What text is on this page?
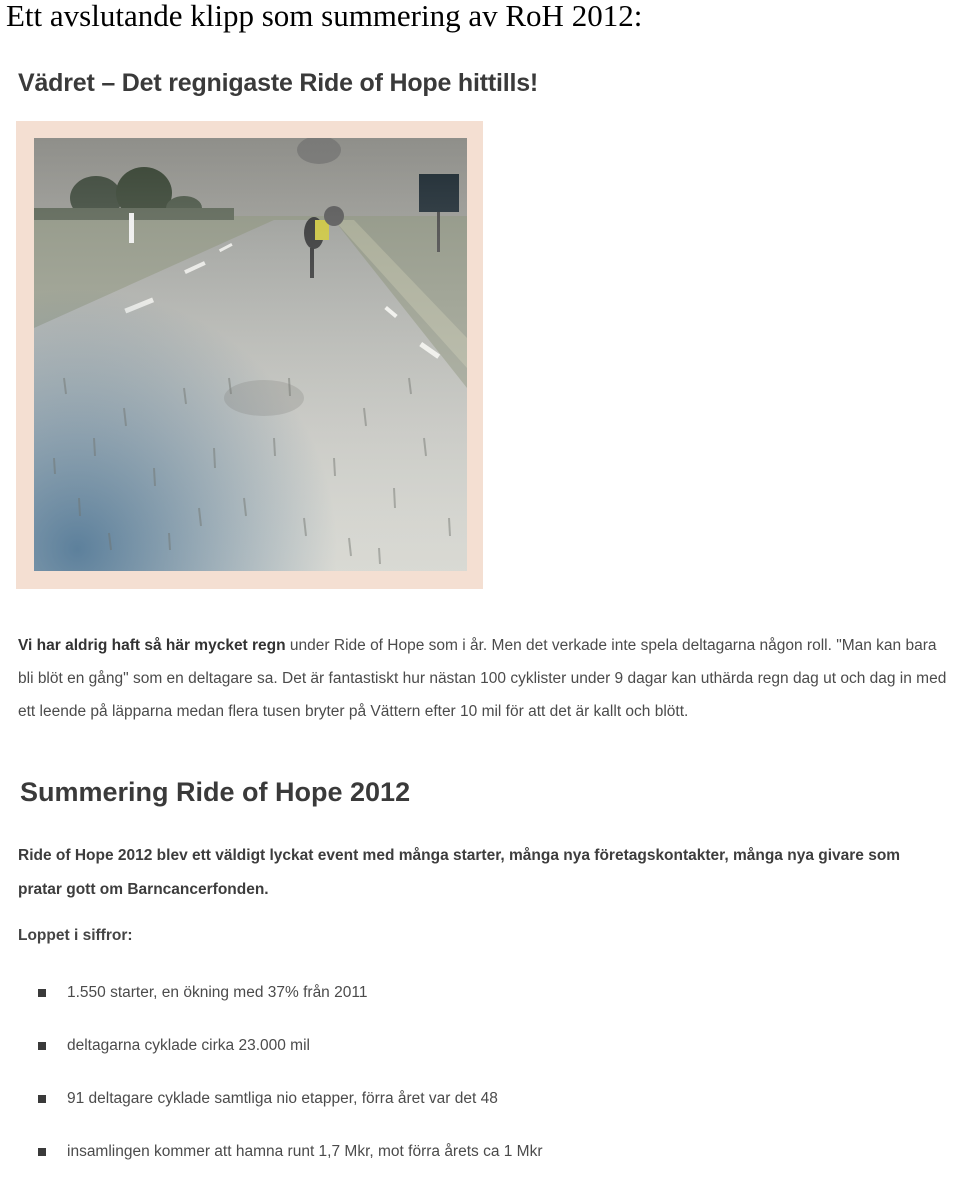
Ett avslutande klipp som summering av RoH 2012:
Vädret – Det regnigaste Ride of Hope hittills!
Vi har aldrig haft så här mycket regn under Ride of Hope som i år. Men det verkade inte spela deltagarna någon roll. "Man kan bara bli blöt en gång" som en deltagare sa. Det är fantastiskt hur nästan 100 cyklister under 9 dagar kan uthärda regn dag ut och dag in med ett leende på läpparna medan flera tusen bryter på Vättern efter 10 mil för att det är kallt och blött.
Summering Ride of Hope 2012
Ride of Hope 2012 blev ett väldigt lyckat event med många starter, många nya företagskontakter, många nya givare som pratar gott om Barncancerfonden.
Loppet i siffror:
1.550 starter, en ökning med 37% från 2011
deltagarna cyklade cirka 23.000 mil
91 deltagare cyklade samtliga nio etapper, förra året var det 48
insamlingen kommer att hamna runt 1,7 Mkr, mot förra årets ca 1 Mkr
